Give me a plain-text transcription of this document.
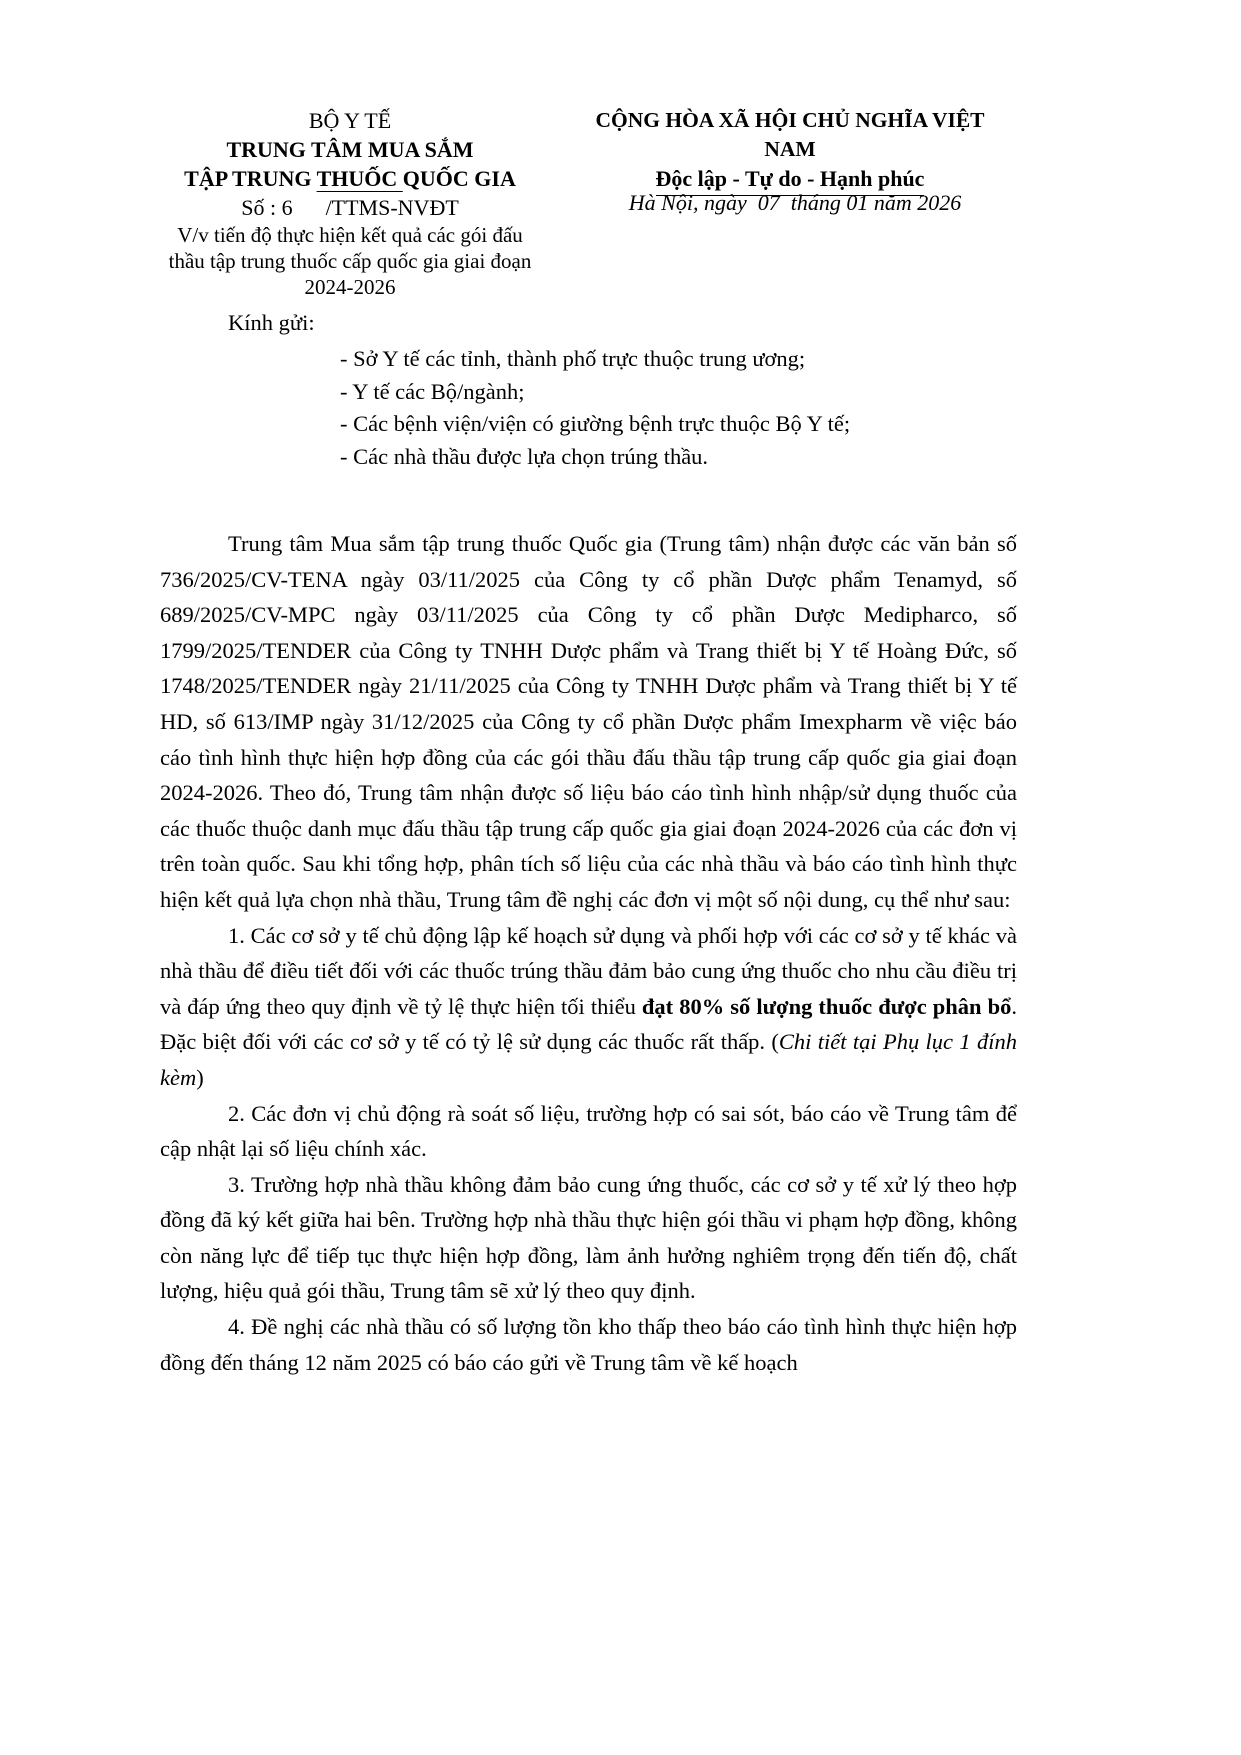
BỘ Y TẾ
TRUNG TÂM MUA SẮM
TẬP TRUNG THUỐC QUỐC GIA
Số : 6      /TTMS-NVĐT
V/v tiến độ thực hiện kết quả các gói đấu thầu tập trung thuốc cấp quốc gia giai đoạn 2024-2026
CỘNG HÒA XÃ HỘI CHỦ NGHĨA VIỆT NAM
Độc lập - Tự do - Hạnh phúc
Hà Nội, ngày  07  tháng 01 năm 2026
Kính gửi:
- Sở Y tế các tỉnh, thành phố trực thuộc trung ương;
- Y tế các Bộ/ngành;
- Các bệnh viện/viện có giường bệnh trực thuộc Bộ Y tế;
- Các nhà thầu được lựa chọn trúng thầu.

Trung tâm Mua sắm tập trung thuốc Quốc gia (Trung tâm) nhận được các văn bản số 736/2025/CV-TENA ngày 03/11/2025 của Công ty cổ phần Dược phẩm Tenamyd, số 689/2025/CV-MPC ngày 03/11/2025 của Công ty cổ phần Dược Medipharco, số 1799/2025/TENDER của Công ty TNHH Dược phẩm và Trang thiết bị Y tế Hoàng Đức, số 1748/2025/TENDER ngày 21/11/2025 của Công ty TNHH Dược phẩm và Trang thiết bị Y tế HD, số 613/IMP ngày 31/12/2025 của Công ty cổ phần Dược phẩm Imexpharm về việc báo cáo tình hình thực hiện hợp đồng của các gói thầu đấu thầu tập trung cấp quốc gia giai đoạn 2024-2026. Theo đó, Trung tâm nhận được số liệu báo cáo tình hình nhập/sử dụng thuốc của các thuốc thuộc danh mục đấu thầu tập trung cấp quốc gia giai đoạn 2024-2026 của các đơn vị trên toàn quốc. Sau khi tổng hợp, phân tích số liệu của các nhà thầu và báo cáo tình hình thực hiện kết quả lựa chọn nhà thầu, Trung tâm đề nghị các đơn vị một số nội dung, cụ thể như sau:

1. Các cơ sở y tế chủ động lập kế hoạch sử dụng và phối hợp với các cơ sở y tế khác và nhà thầu để điều tiết đối với các thuốc trúng thầu đảm bảo cung ứng thuốc cho nhu cầu điều trị và đáp ứng theo quy định về tỷ lệ thực hiện tối thiểu đạt 80% số lượng thuốc được phân bổ. Đặc biệt đối với các cơ sở y tế có tỷ lệ sử dụng các thuốc rất thấp. (Chi tiết tại Phụ lục 1 đính kèm)

2. Các đơn vị chủ động rà soát số liệu, trường hợp có sai sót, báo cáo về Trung tâm để cập nhật lại số liệu chính xác.

3. Trường hợp nhà thầu không đảm bảo cung ứng thuốc, các cơ sở y tế xử lý theo hợp đồng đã ký kết giữa hai bên. Trường hợp nhà thầu thực hiện gói thầu vi phạm hợp đồng, không còn năng lực để tiếp tục thực hiện hợp đồng, làm ảnh hưởng nghiêm trọng đến tiến độ, chất lượng, hiệu quả gói thầu, Trung tâm sẽ xử lý theo quy định.

4. Đề nghị các nhà thầu có số lượng tồn kho thấp theo báo cáo tình hình thực hiện hợp đồng đến tháng 12 năm 2025 có báo cáo gửi về Trung tâm về kế hoạch
